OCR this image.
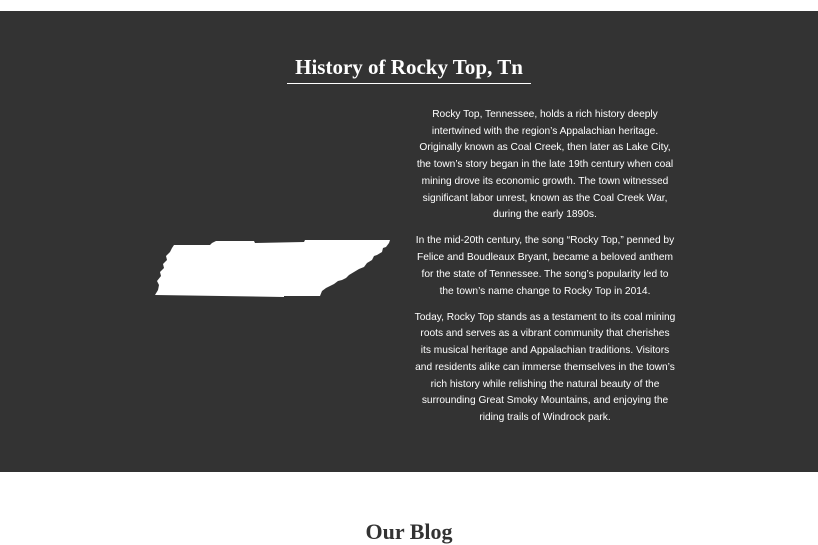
History of Rocky Top, Tn

Rocky Top, Tennessee, holds a rich history deeply intertwined with the region’s Appalachian heritage. Originally known as Coal Creek, then later as Lake City, the town’s story began in the late 19th century when coal mining drove its economic growth. The town witnessed significant labor unrest, known as the Coal Creek War, during the early 1890s.

In the mid-20th century, the song “Rocky Top,” penned by Felice and Boudleaux Bryant, became a beloved anthem for the state of Tennessee. The song’s popularity led to the town’s name change to Rocky Top in 2014.

Today, Rocky Top stands as a testament to its coal mining roots and serves as a vibrant community that cherishes its musical heritage and Appalachian traditions. Visitors and residents alike can immerse themselves in the town’s rich history while relishing the natural beauty of the surrounding Great Smoky Mountains, and enjoying the riding trails of Windrock park.

Our Blog
